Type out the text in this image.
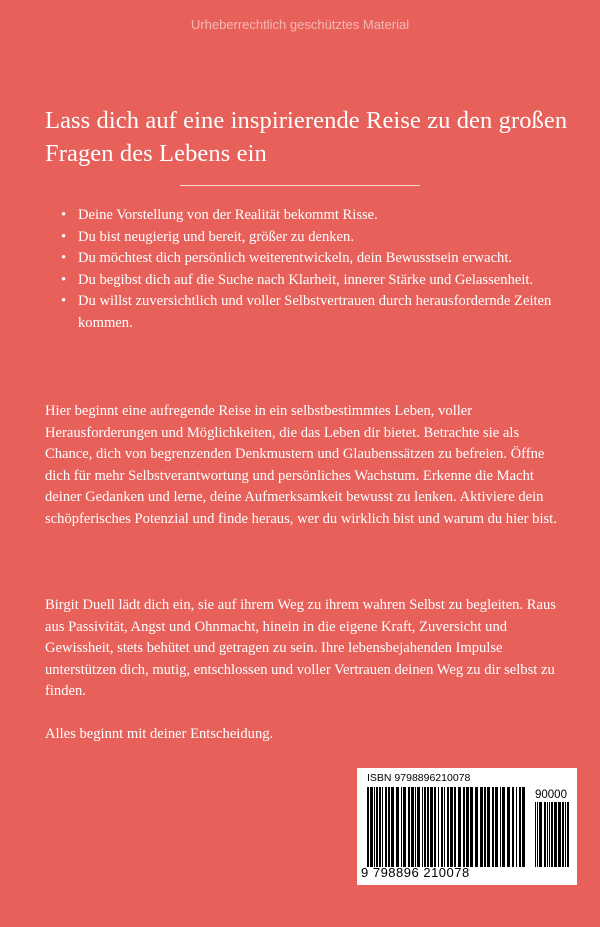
Urheberrechtlich geschütztes Material
Lass dich auf eine inspirierende Reise zu den großen Fragen des Lebens ein
• Deine Vorstellung von der Realität bekommt Risse.
• Du bist neugierig und bereit, größer zu denken.
• Du möchtest dich persönlich weiterentwickeln, dein Bewusstsein erwacht.
• Du begibst dich auf die Suche nach Klarheit, innerer Stärke und Gelassenheit.
• Du willst zuversichtlich und voller Selbstvertrauen durch herausfordernde Zeiten kommen.

Hier beginnt eine aufregende Reise in ein selbstbestimmtes Leben, voller Herausforderungen und Möglichkeiten, die das Leben dir bietet. Betrachte sie als Chance, dich von begrenzenden Denkmustern und Glaubenssätzen zu befreien. Öffne dich für mehr Selbstverantwortung und persönliches Wachstum. Erkenne die Macht deiner Gedanken und lerne, deine Aufmerksamkeit bewusst zu lenken. Aktiviere dein schöpferisches Potenzial und finde heraus, wer du wirklich bist und warum du hier bist.

Birgit Duell lädt dich ein, sie auf ihrem Weg zu ihrem wahren Selbst zu begleiten. Raus aus Passivität, Angst und Ohnmacht, hinein in die eigene Kraft, Zuversicht und Gewissheit, stets behütet und getragen zu sein. Ihre lebensbejahenden Impulse unterstützen dich, mutig, entschlossen und voller Vertrauen deinen Weg zu dir selbst zu finden.

Alles beginnt mit deiner Entscheidung.

ISBN 9798896210078
90000
9 798896 210078
